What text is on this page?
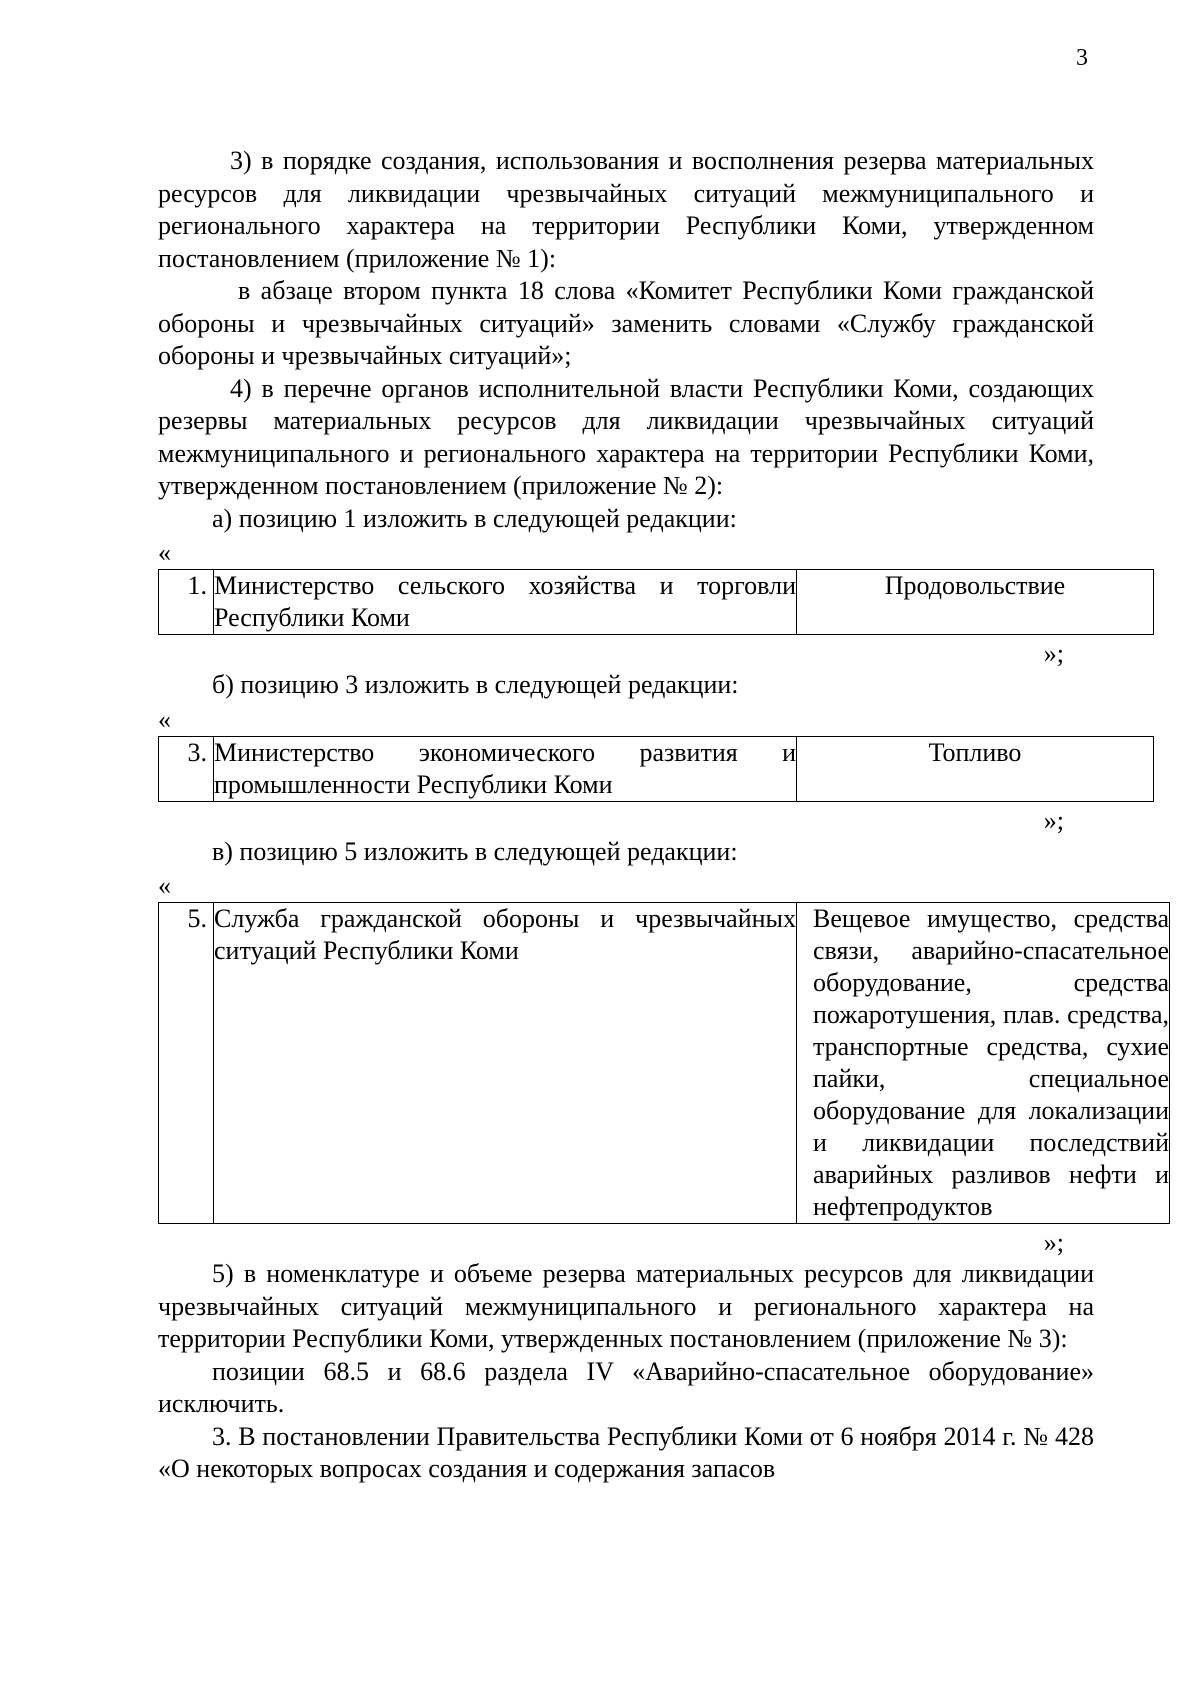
3

3) в порядке создания, использования и восполнения резерва материальных ресурсов для ликвидации чрезвычайных ситуаций межмуниципального и регионального характера на территории Республики Коми, утвержденном постановлением (приложение № 1):

в абзаце втором пункта 18 слова «Комитет Республики Коми гражданской обороны и чрезвычайных ситуаций» заменить словами «Службу гражданской обороны и чрезвычайных ситуаций»;

4) в перечне органов исполнительной власти Республики Коми, создающих резервы материальных ресурсов для ликвидации чрезвычайных ситуаций межмуниципального и регионального характера на территории Республики Коми, утвержденном постановлением (приложение № 2):

а) позицию 1 изложить в следующей редакции:

«

1.	Министерство сельского хозяйства и торговли Республики Коми	Продовольствие

»;

б) позицию 3 изложить в следующей редакции:

«

3.	Министерство экономического развития и промышленности Республики Коми	Топливо

»;

в) позицию 5 изложить в следующей редакции:

«

5.	Служба гражданской обороны и чрезвычайных ситуаций Республики Коми	Вещевое имущество, средства связи, аварийно-спасательное оборудование, средства пожаротушения, плав. средства, транспортные средства, сухие пайки, специальное оборудование для локализации и ликвидации последствий аварийных разливов нефти и нефтепродуктов

»;

5) в номенклатуре и объеме резерва материальных ресурсов для ликвидации чрезвычайных ситуаций межмуниципального и регионального характера на территории Республики Коми, утвержденных постановлением (приложение № 3):

позиции 68.5 и 68.6 раздела IV «Аварийно-спасательное оборудование» исключить.

3. В постановлении Правительства Республики Коми от 6 ноября 2014 г. № 428 «О некоторых вопросах создания и содержания запасов
